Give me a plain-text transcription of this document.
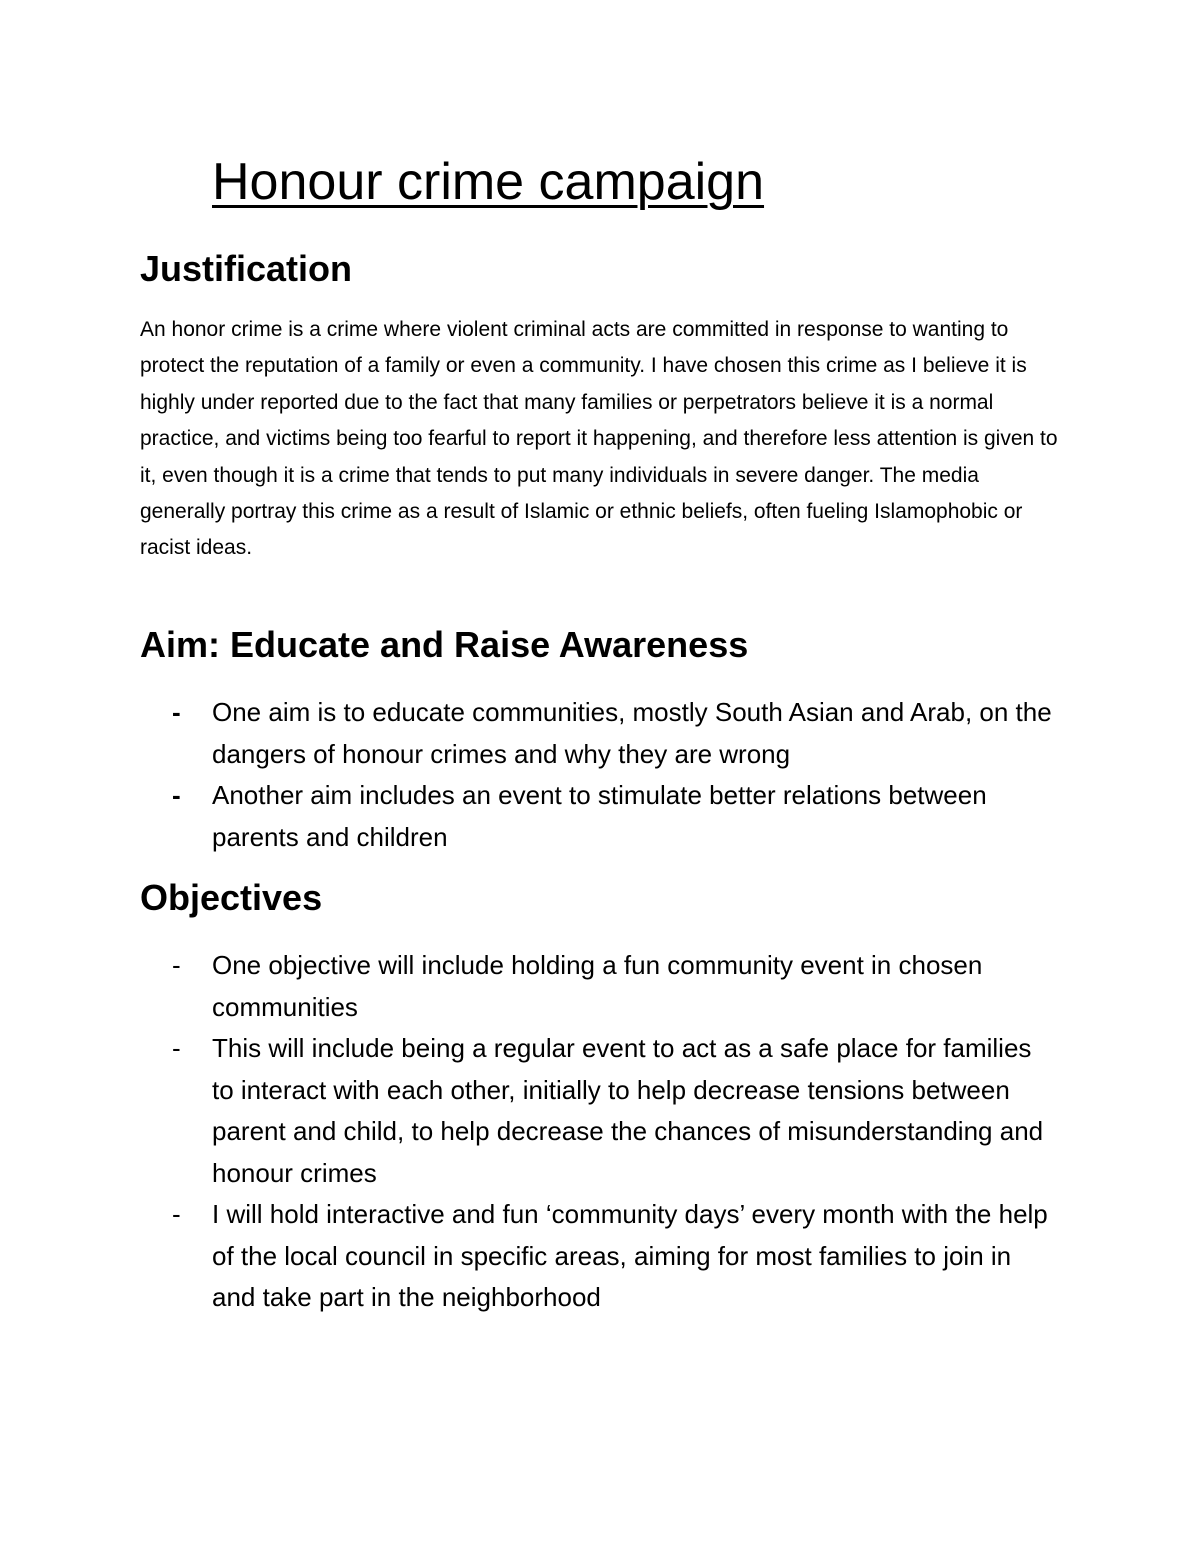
Honour crime campaign
Justification

An honor crime is a crime where violent criminal acts are committed in response to wanting to protect the reputation of a family or even a community. I have chosen this crime as I believe it is highly under reported due to the fact that many families or perpetrators believe it is a normal practice, and victims being too fearful to report it happening, and therefore less attention is given to it, even though it is a crime that tends to put many individuals in severe danger. The media generally portray this crime as a result of Islamic or ethnic beliefs, often fueling Islamophobic or racist ideas.

Aim: Educate and Raise Awareness
-	One aim is to educate communities, mostly South Asian and Arab, on the dangers of honour crimes and why they are wrong
-	Another aim includes an event to stimulate better relations between parents and children
Objectives
-	One objective will include holding a fun community event in chosen communities
-	This will include being a regular event to act as a safe place for families to interact with each other, initially to help decrease tensions between parent and child, to help decrease the chances of misunderstanding and honour crimes
-	I will hold interactive and fun ‘community days’ every month with the help of the local council in specific areas, aiming for most families to join in and take part in the neighborhood
